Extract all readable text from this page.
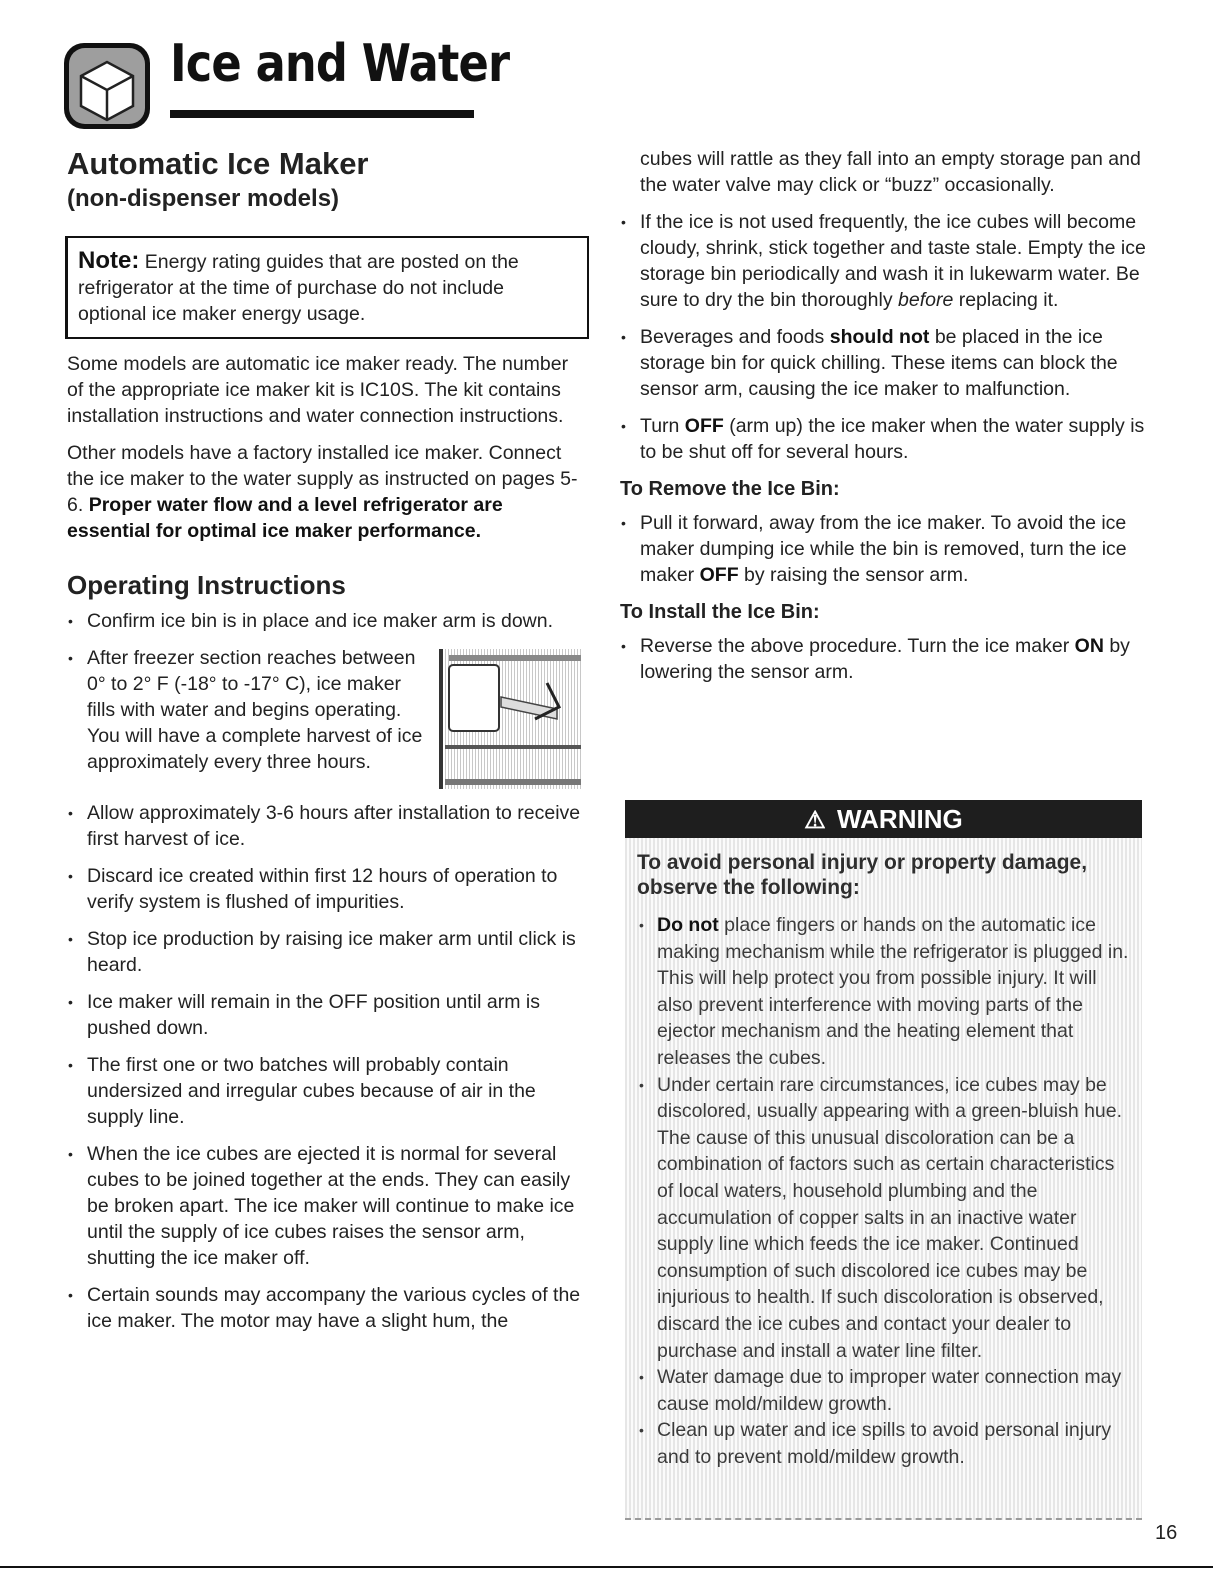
Ice and Water
Automatic Ice Maker
(non-dispenser models)
Note: Energy rating guides that are posted on the refrigerator at the time of purchase do not include optional ice maker energy usage.

Some models are automatic ice maker ready. The number of the appropriate ice maker kit is IC10S. The kit contains installation instructions and water connection instructions.

Other models have a factory installed ice maker. Connect the ice maker to the water supply as instructed on pages 5-6. Proper water flow and a level refrigerator are essential for optimal ice maker performance.

Operating Instructions
• Confirm ice bin is in place and ice maker arm is down.
• After freezer section reaches between 0° to 2° F (-18° to -17° C), ice maker fills with water and begins operating. You will have a complete harvest of ice approximately every three hours.
• Allow approximately 3-6 hours after installation to receive first harvest of ice.
• Discard ice created within first 12 hours of operation to verify system is flushed of impurities.
• Stop ice production by raising ice maker arm until click is heard.
• Ice maker will remain in the OFF position until arm is pushed down.
• The first one or two batches will probably contain undersized and irregular cubes because of air in the supply line.
• When the ice cubes are ejected it is normal for several cubes to be joined together at the ends. They can easily be broken apart. The ice maker will continue to make ice until the supply of ice cubes raises the sensor arm, shutting the ice maker off.
• Certain sounds may accompany the various cycles of the ice maker. The motor may have a slight hum, the
cubes will rattle as they fall into an empty storage pan and the water valve may click or “buzz” occasionally.
• If the ice is not used frequently, the ice cubes will become cloudy, shrink, stick together and taste stale. Empty the ice storage bin periodically and wash it in lukewarm water. Be sure to dry the bin thoroughly before replacing it.
• Beverages and foods should not be placed in the ice storage bin for quick chilling. These items can block the sensor arm, causing the ice maker to malfunction.
• Turn OFF (arm up) the ice maker when the water supply is to be shut off for several hours.
To Remove the Ice Bin:
• Pull it forward, away from the ice maker. To avoid the ice maker dumping ice while the bin is removed, turn the ice maker OFF by raising the sensor arm.
To Install the Ice Bin:
• Reverse the above procedure. Turn the ice maker ON by lowering the sensor arm.
⚠ WARNING
To avoid personal injury or property damage, observe the following:
• Do not place fingers or hands on the automatic ice making mechanism while the refrigerator is plugged in. This will help protect you from possible injury. It will also prevent interference with moving parts of the ejector mechanism and the heating element that releases the cubes.
• Under certain rare circumstances, ice cubes may be discolored, usually appearing with a green-bluish hue. The cause of this unusual discoloration can be a combination of factors such as certain characteristics of local waters, household plumbing and the accumulation of copper salts in an inactive water supply line which feeds the ice maker. Continued consumption of such discolored ice cubes may be injurious to health. If such discoloration is observed, discard the ice cubes and contact your dealer to purchase and install a water line filter.
• Water damage due to improper water connection may cause mold/mildew growth.
• Clean up water and ice spills to avoid personal injury and to prevent mold/mildew growth.
16
